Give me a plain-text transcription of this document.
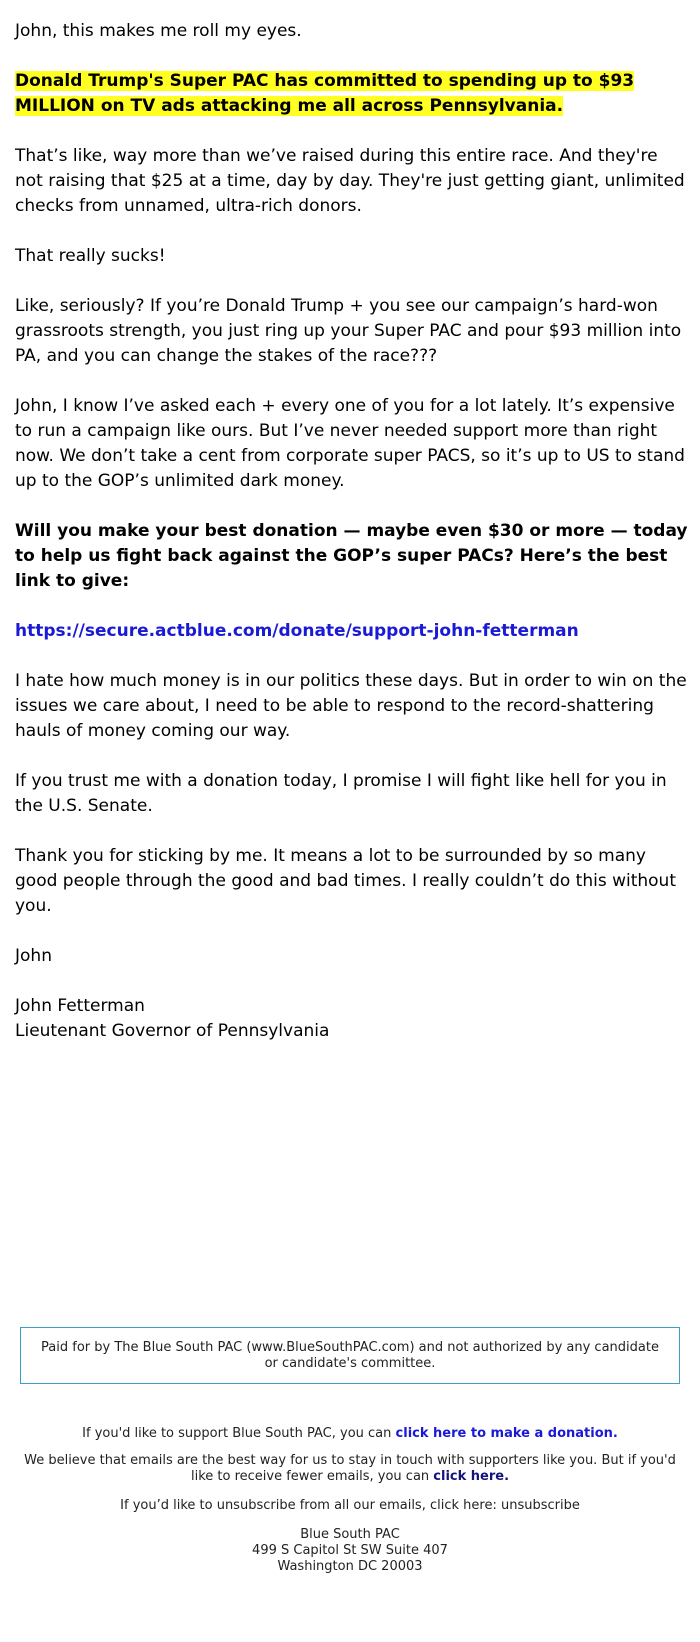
John, this makes me roll my eyes.

Donald Trump's Super PAC has committed to spending up to $93 MILLION on TV ads attacking me all across Pennsylvania.

That’s like, way more than we’ve raised during this entire race. And they're not raising that $25 at a time, day by day. They're just getting giant, unlimited checks from unnamed, ultra-rich donors.

That really sucks!

Like, seriously? If you’re Donald Trump + you see our campaign’s hard-won grassroots strength, you just ring up your Super PAC and pour $93 million into PA, and you can change the stakes of the race???

John, I know I’ve asked each + every one of you for a lot lately. It’s expensive to run a campaign like ours. But I’ve never needed support more than right now. We don’t take a cent from corporate super PACS, so it’s up to US to stand up to the GOP’s unlimited dark money.

Will you make your best donation — maybe even $30 or more — today to help us fight back against the GOP’s super PACs? Here’s the best link to give:

https://secure.actblue.com/donate/support-john-fetterman

I hate how much money is in our politics these days. But in order to win on the issues we care about, I need to be able to respond to the record-shattering hauls of money coming our way.

If you trust me with a donation today, I promise I will fight like hell for you in the U.S. Senate.

Thank you for sticking by me. It means a lot to be surrounded by so many good people through the good and bad times. I really couldn’t do this without you.

John

John Fetterman

Lieutenant Governor of Pennsylvania

Paid for by The Blue South PAC (www.BlueSouthPAC.com) and not authorized by any candidate or candidate's committee.

If you'd like to support Blue South PAC, you can click here to make a donation.

We believe that emails are the best way for us to stay in touch with supporters like you. But if you'd like to receive fewer emails, you can click here.

If you’d like to unsubscribe from all our emails, click here: unsubscribe

Blue South PAC

499 S Capitol St SW Suite 407

Washington DC 20003
